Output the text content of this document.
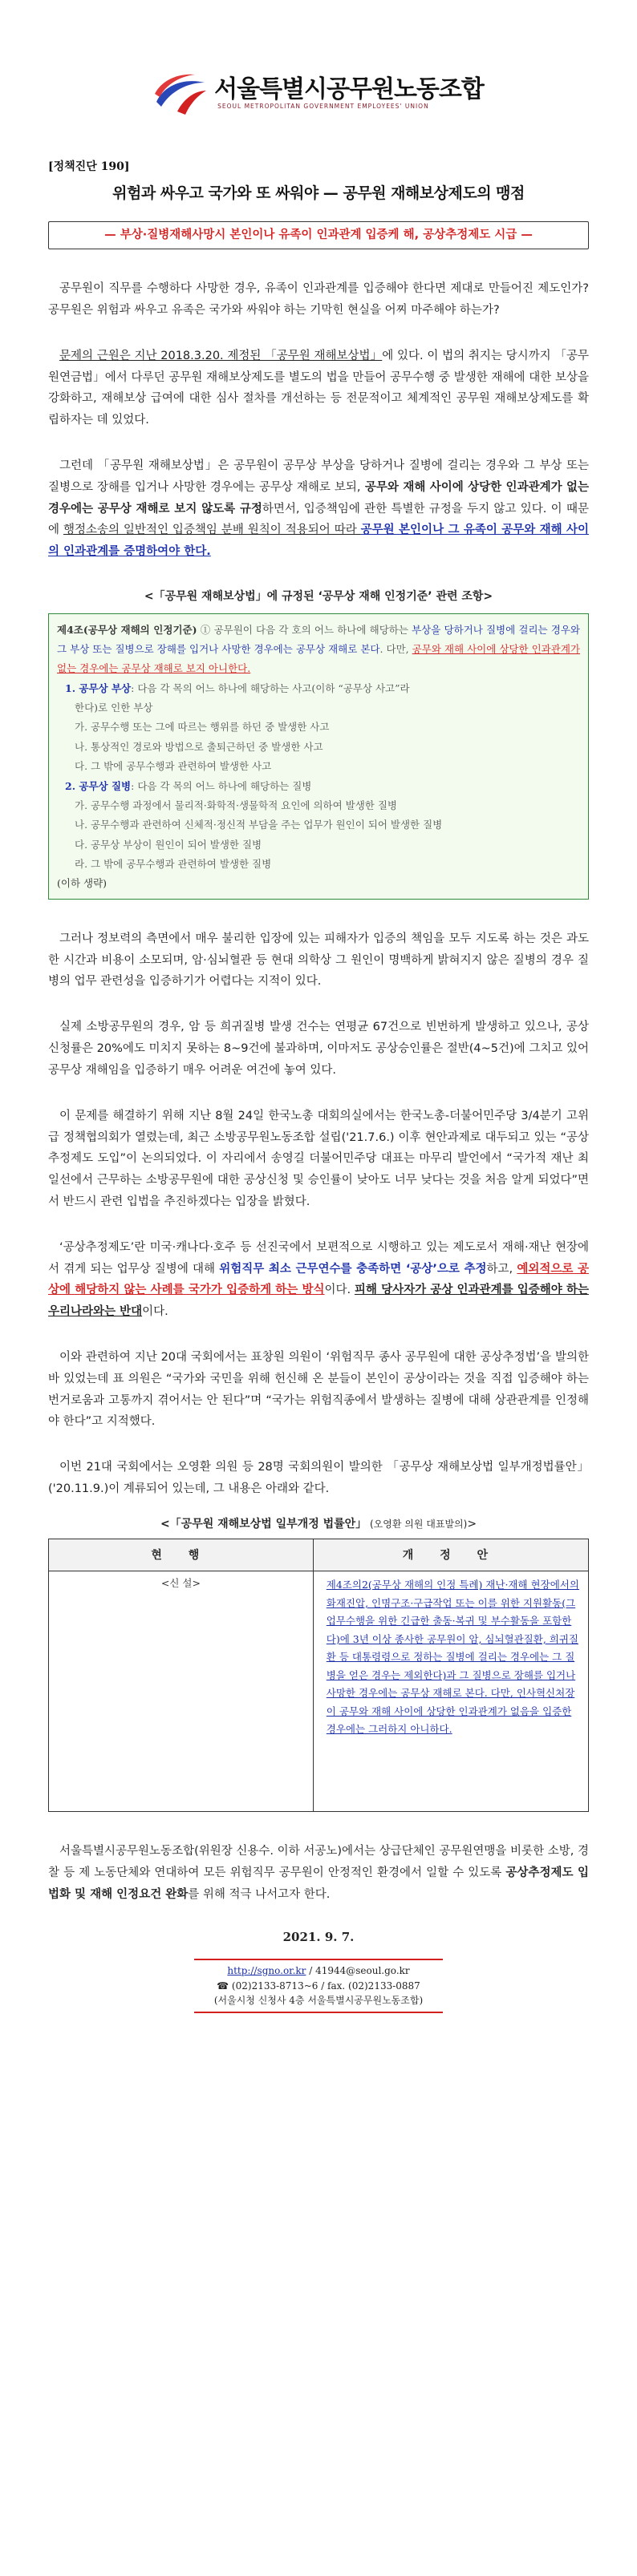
서울특별시공무원노동조합
SEOUL METROPOLITAN GOVERNMENT EMPLOYEES' UNION
[정책진단 190]
위험과 싸우고 국가와 또 싸워야 — 공무원 재해보상제도의 맹점
— 부상·질병재해사망시 본인이나 유족이 인과관계 입증케 해, 공상추정제도 시급 —

공무원이 직무를 수행하다 사망한 경우, 유족이 인과관계를 입증해야 한다면 제대로 만들어진 제도인가? 공무원은 위험과 싸우고 유족은 국가와 싸워야 하는 기막힌 현실을 어찌 마주해야 하는가?

문제의 근원은 지난 2018.3.20. 제정된 「공무원 재해보상법」에 있다. 이 법의 취지는 당시까지 「공무원연금법」에서 다루던 공무원 재해보상제도를 별도의 법을 만들어 공무수행 중 발생한 재해에 대한 보상을 강화하고, 재해보상 급여에 대한 심사 절차를 개선하는 등 전문적이고 체계적인 공무원 재해보상제도를 확립하자는 데 있었다.

그런데 「공무원 재해보상법」은 공무원이 공무상 부상을 당하거나 질병에 걸리는 경우와 그 부상 또는 질병으로 장해를 입거나 사망한 경우에는 공무상 재해로 보되, 공무와 재해 사이에 상당한 인과관계가 없는 경우에는 공무상 재해로 보지 않도록 규정하면서, 입증책임에 관한 특별한 규정을 두지 않고 있다. 이 때문에 행정소송의 일반적인 입증책임 분배 원칙이 적용되어 따라 공무원 본인이나 그 유족이 공무와 재해 사이의 인과관계를 증명하여야 한다.

<「공무원 재해보상법」에 규정된 ‘공무상 재해 인정기준’ 관련 조항>
제4조(공무상 재해의 인정기준) ① 공무원이 다음 각 호의 어느 하나에 해당하는 부상을 당하거나 질병에 걸리는 경우와 그 부상 또는 질병으로 장해를 입거나 사망한 경우에는 공무상 재해로 본다. 다만, 공무와 재해 사이에 상당한 인과관계가 없는 경우에는 공무상 재해로 보지 아니한다.
1. 공무상 부상: 다음 각 목의 어느 하나에 해당하는 사고(이하 “공무상 사고”라
한다)로 인한 부상
가. 공무수행 또는 그에 따르는 행위를 하던 중 발생한 사고
나. 통상적인 경로와 방법으로 출퇴근하던 중 발생한 사고
다. 그 밖에 공무수행과 관련하여 발생한 사고
2. 공무상 질병: 다음 각 목의 어느 하나에 해당하는 질병
가. 공무수행 과정에서 물리적·화학적·생물학적 요인에 의하여 발생한 질병
나. 공무수행과 관련하여 신체적·정신적 부담을 주는 업무가 원인이 되어 발생한 질병
다. 공무상 부상이 원인이 되어 발생한 질병
라. 그 밖에 공무수행과 관련하여 발생한 질병
(이하 생략)

그러나 정보력의 측면에서 매우 불리한 입장에 있는 피해자가 입증의 책임을 모두 지도록 하는 것은 과도한 시간과 비용이 소모되며, 암·심뇌혈관 등 현대 의학상 그 원인이 명백하게 밝혀지지 않은 질병의 경우 질병의 업무 관련성을 입증하기가 어렵다는 지적이 있다.

실제 소방공무원의 경우, 암 등 희귀질병 발생 건수는 연평균 67건으로 빈번하게 발생하고 있으나, 공상신청률은 20%에도 미치지 못하는 8~9건에 불과하며, 이마저도 공상승인률은 절반(4~5건)에 그치고 있어 공무상 재해임을 입증하기 매우 어려운 여건에 놓여 있다.

이 문제를 해결하기 위해 지난 8월 24일 한국노총 대회의실에서는 한국노총-더불어민주당 3/4분기 고위급 정책협의회가 열렸는데, 최근 소방공무원노동조합 설립('21.7.6.) 이후 현안과제로 대두되고 있는 “공상추정제도 도입”이 논의되었다. 이 자리에서 송영길 더불어민주당 대표는 마무리 발언에서 “국가적 재난 최일선에서 근무하는 소방공무원에 대한 공상신청 및 승인률이 낮아도 너무 낮다는 것을 처음 알게 되었다”면서 반드시 관련 입법을 추진하겠다는 입장을 밝혔다.

‘공상추정제도’란 미국·캐나다·호주 등 선진국에서 보편적으로 시행하고 있는 제도로서 재해·재난 현장에서 겪게 되는 업무상 질병에 대해 위험직무 최소 근무연수를 충족하면 ‘공상’으로 추정하고, 예외적으로 공상에 해당하지 않는 사례를 국가가 입증하게 하는 방식이다. 피해 당사자가 공상 인과관계를 입증해야 하는 우리나라와는 반대이다.

이와 관련하여 지난 20대 국회에서는 표창원 의원이 ‘위험직무 종사 공무원에 대한 공상추정법’을 발의한 바 있었는데 표 의원은 “국가와 국민을 위해 헌신해 온 분들이 본인이 공상이라는 것을 직접 입증해야 하는 번거로움과 고통까지 겪어서는 안 된다”며 “국가는 위험직종에서 발생하는 질병에 대해 상관관계를 인정해야 한다”고 지적했다.

이번 21대 국회에서는 오영환 의원 등 28명 국회의원이 발의한 「공무상 재해보상법 일부개정법률안」('20.11.9.)이 계류되어 있는데, 그 내용은 아래와 같다.

<「공무원 재해보상법 일부개정 법률안」 (오영환 의원 대표발의)>
현 행	개 정 안
<신 설>	제4조의2(공무상 재해의 인정 특례) 재난·재해 현장에서의 화재진압, 인명구조·구급작업 또는 이를 위한 지원활동(그 업무수행을 위한 긴급한 출동·복귀 및 부수활동을 포함한다)에 3년 이상 종사한 공무원이 암, 심뇌혈관질환, 희귀질환 등 대통령령으로 정하는 질병에 걸리는 경우에는 그 질병을 얻은 경우는 제외한다)과 그 질병으로 장해를 입거나 사망한 경우에는 공무상 재해로 본다. 다만, 인사혁신처장이 공무와 재해 사이에 상당한 인과관계가 없음을 입증한 경우에는 그러하지 아니하다.

서울특별시공무원노동조합(위원장 신용수. 이하 서공노)에서는 상급단체인 공무원연맹을 비롯한 소방, 경찰 등 제 노동단체와 연대하여 모든 위험직무 공무원이 안정적인 환경에서 일할 수 있도록 공상추정제도 입법화 및 재해 인정요건 완화를 위해 적극 나서고자 한다.

2021. 9. 7.
http://sgno.or.kr / 41944@seoul.go.kr
☎ (02)2133-8713~6 / fax. (02)2133-0887
(서울시청 신청사 4층 서울특별시공무원노동조합)
